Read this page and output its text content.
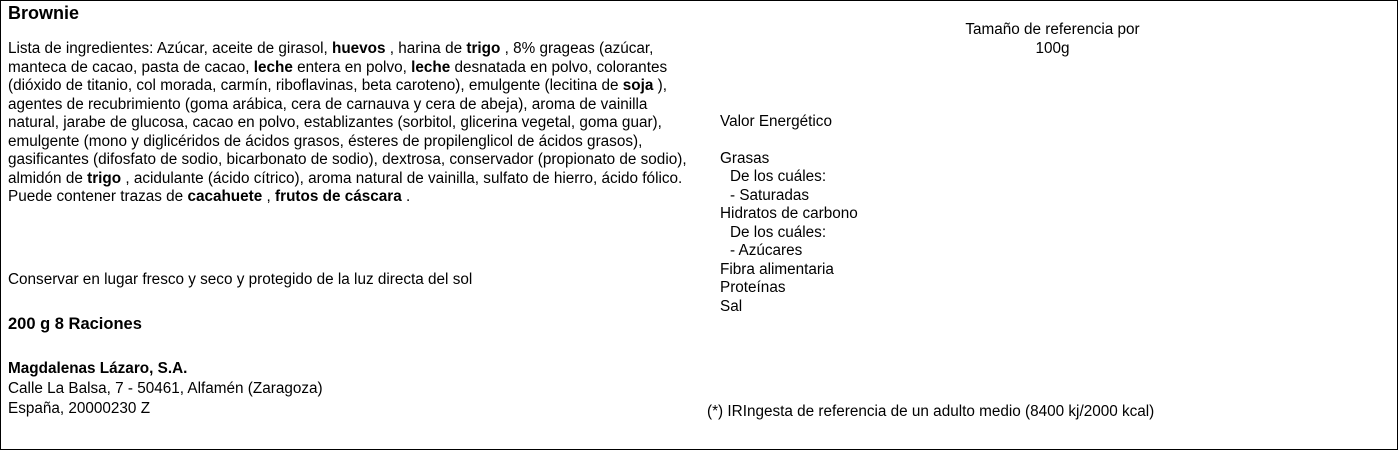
Brownie
Lista de ingredientes: Azúcar, aceite de girasol, huevos , harina de trigo , 8% grageas (azúcar, manteca de cacao, pasta de cacao, leche entera en polvo, leche desnatada en polvo, colorantes (dióxido de titanio, col morada, carmín, riboflavinas, beta caroteno), emulgente (lecitina de soja ), agentes de recubrimiento (goma arábica, cera de carnauva y cera de abeja), aroma de vainilla natural, jarabe de glucosa, cacao en polvo, establizantes (sorbitol, glicerina vegetal, goma guar), emulgente (mono y diglicéridos de ácidos grasos, ésteres de propilenglicol de ácidos grasos), gasificantes (difosfato de sodio, bicarbonato de sodio), dextrosa, conservador (propionato de sodio), almidón de trigo , acidulante (ácido cítrico), aroma natural de vainilla, sulfato de hierro, ácido fólico. Puede contener trazas de cacahuete , frutos de cáscara .
Conservar en lugar fresco y seco y protegido de la luz directa del sol
200 g 8 Raciones
Magdalenas Lázaro, S.A.
Calle La Balsa, 7 - 50461, Alfamén (Zaragoza)
España, 20000230 Z
Tamaño de referencia por 100g
Valor Energético
Grasas
De los cuáles:
- Saturadas
Hidratos de carbono
De los cuáles:
- Azúcares
Fibra alimentaria
Proteínas
Sal
(*) IRIngesta de referencia de un adulto medio (8400 kj/2000 kcal)
